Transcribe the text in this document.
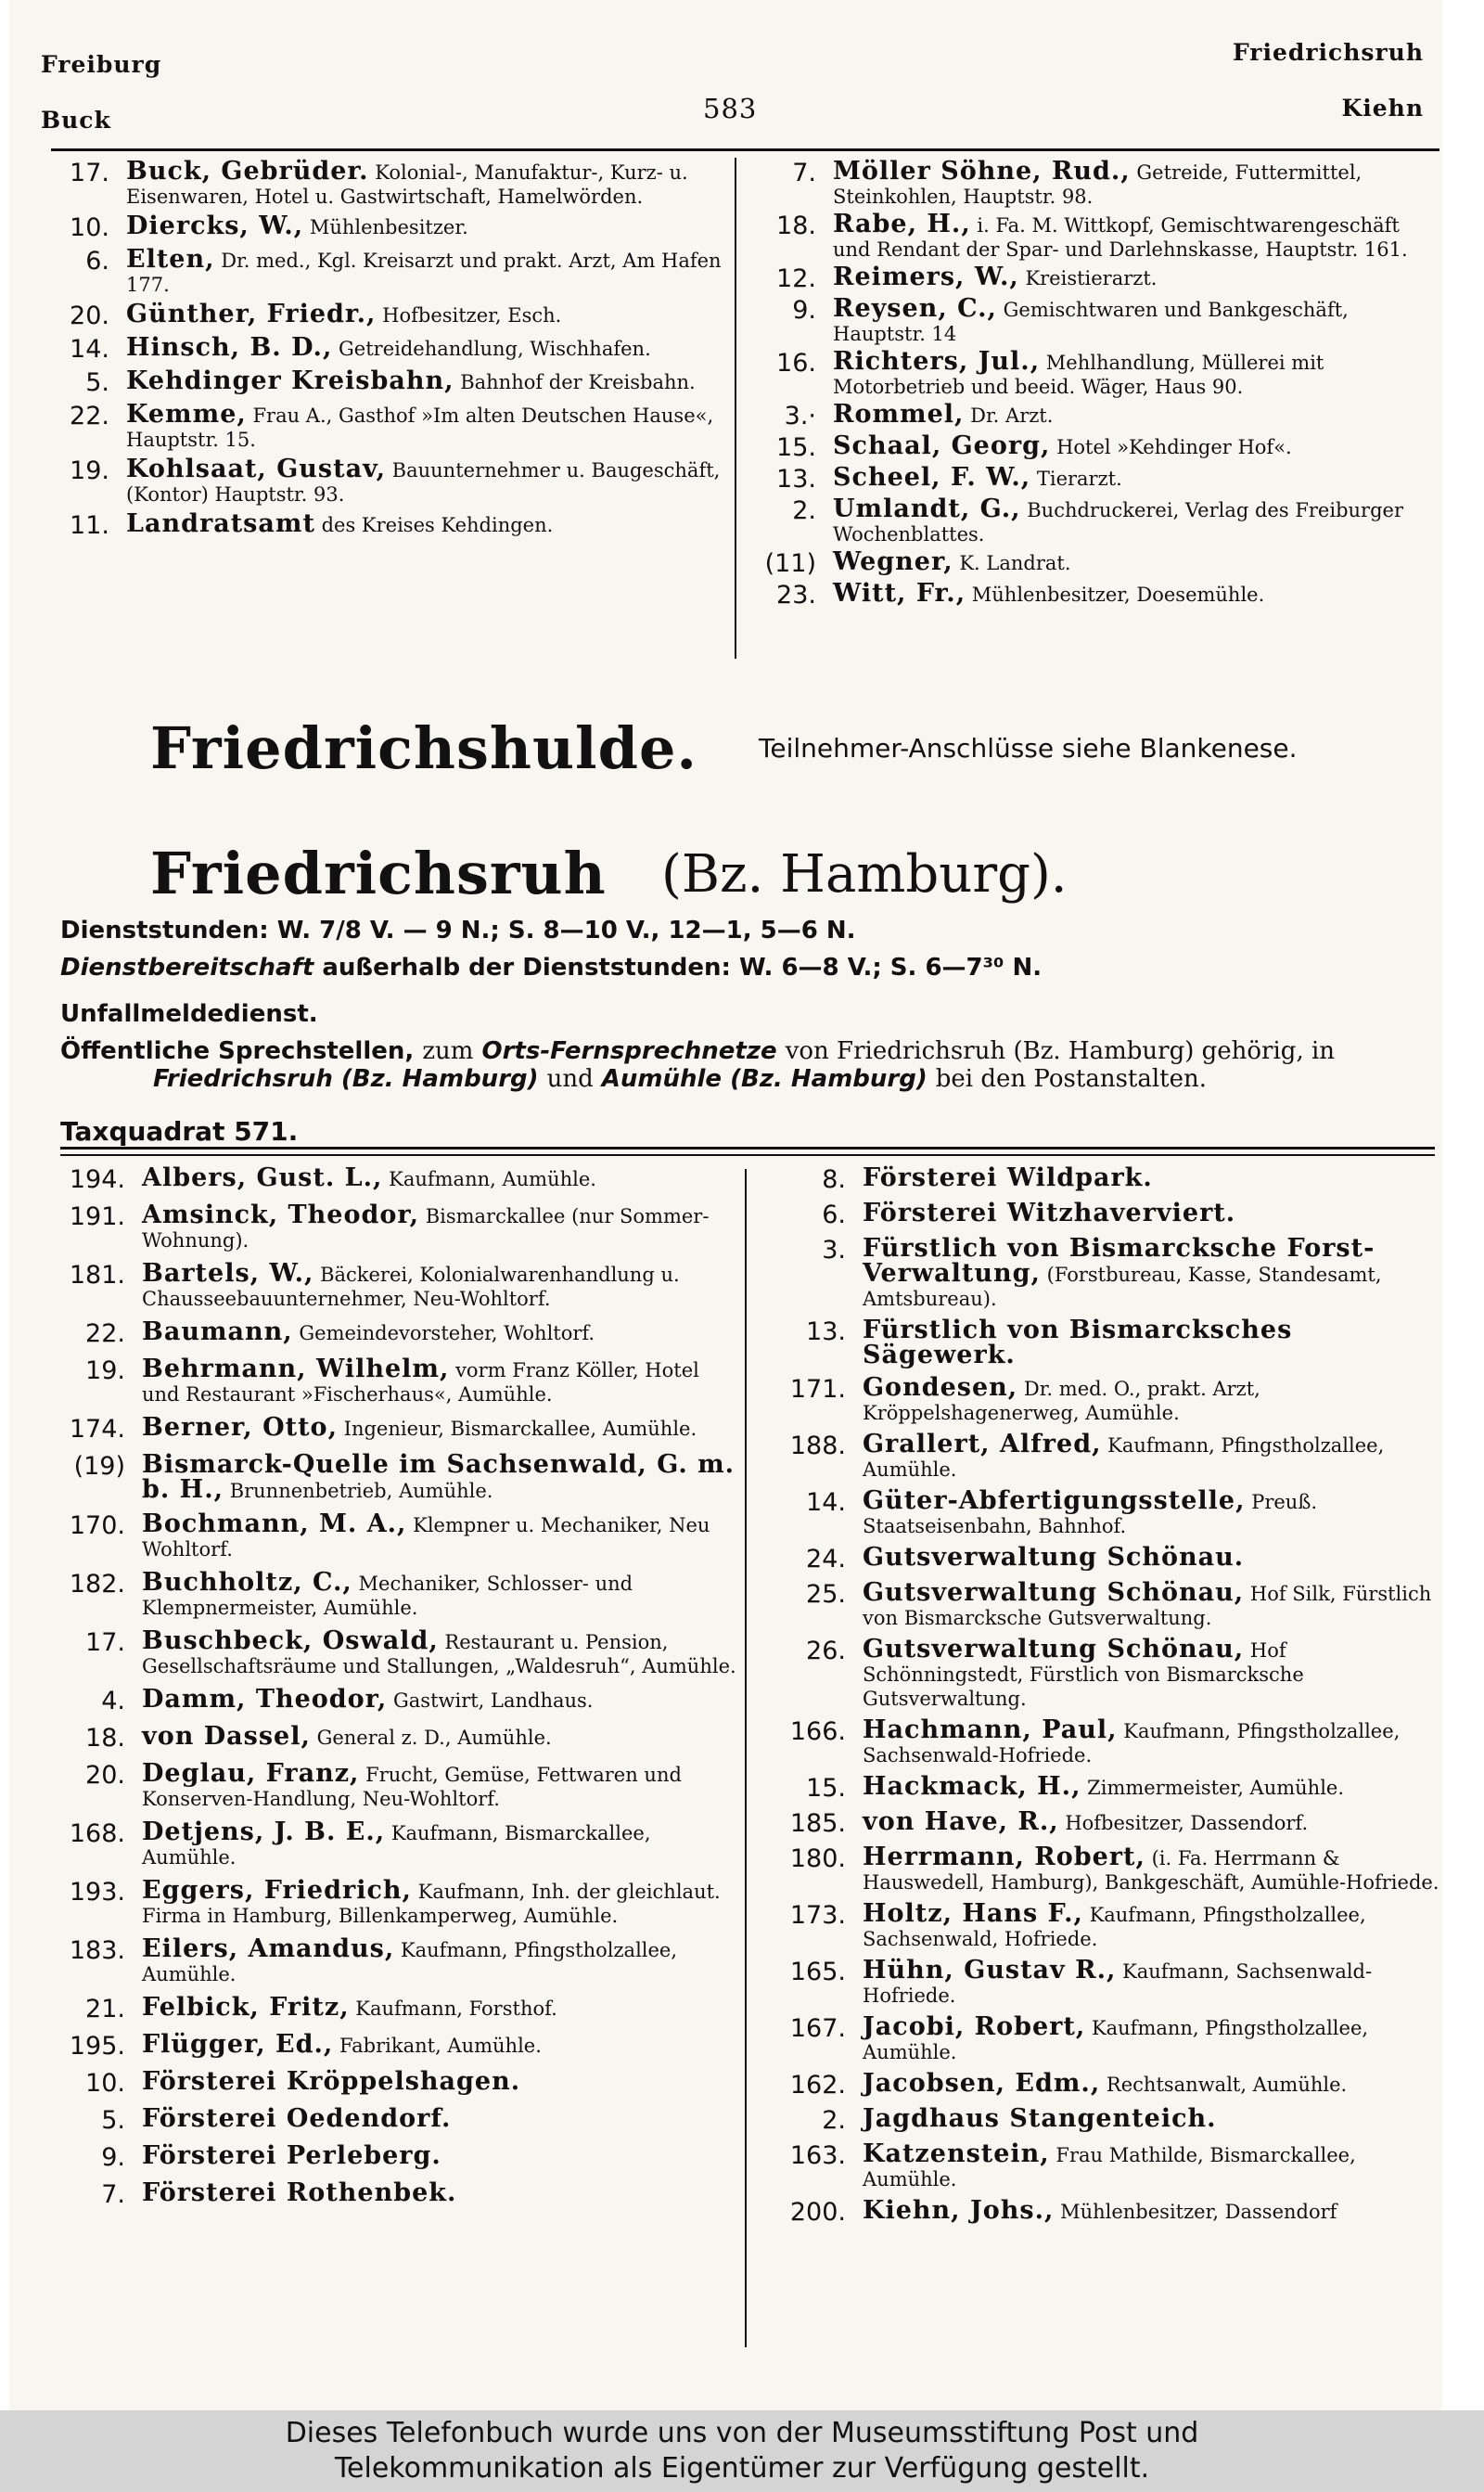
Freiburg
Buck	583
Friedrichsruh
Kiehn
17. Buck, Gebrüder. Kolonial-, Manufaktur-, Kurz- u. Eisenwaren, Hotel u. Gastwirtschaft, Hamelwörden.
10. Diercks, W., Mühlenbesitzer.
6. Elten, Dr. med., Kgl. Kreisarzt und prakt. Arzt, Am Hafen 177.
20. Günther, Friedr., Hofbesitzer, Esch.
14. Hinsch, B. D., Getreidehandlung, Wischhafen.
5. Kehdinger Kreisbahn, Bahnhof der Kreisbahn.
22. Kemme, Frau A., Gasthof »Im alten Deutschen Hause«, Hauptstr. 15.
19. Kohlsaat, Gustav, Bauunternehmer u. Baugeschäft, (Kontor) Hauptstr. 93.
11. Landratsamt des Kreises Kehdingen.
7. Möller Söhne, Rud., Getreide, Futtermittel, Steinkohlen, Hauptstr. 98.
18. Rabe, H., i. Fa. M. Wittkopf, Gemischtwarengeschäft und Rendant der Spar- und Darlehnskasse, Hauptstr. 161.
12. Reimers, W., Kreistierarzt.
9. Reysen, C., Gemischtwaren und Bankgeschäft, Hauptstr. 14
16. Richters, Jul., Mehlhandlung, Müllerei mit Motorbetrieb und beeid. Wäger, Haus 90.
3.· Rommel, Dr. Arzt.
15. Schaal, Georg, Hotel »Kehdinger Hof«.
13. Scheel, F. W., Tierarzt.
2. Umlandt, G., Buchdruckerei, Verlag des Freiburger Wochenblattes.
(11) Wegner, K. Landrat.
23. Witt, Fr., Mühlenbesitzer, Doesemühle.
Friedrichshulde. Teilnehmer-Anschlüsse siehe Blankenese.
Friedrichsruh (Bz. Hamburg).
Dienststunden: W. 7/8 V. — 9 N.; S. 8—10 V., 12—1, 5—6 N.
Dienstbereitschaft außerhalb der Dienststunden: W. 6—8 V.; S. 6—7³⁰ N.
Unfallmeldedienst.
Öffentliche Sprechstellen, zum Orts-Fernsprechnetze von Friedrichsruh (Bz. Hamburg) gehörig, in
Friedrichsruh (Bz. Hamburg) und Aumühle (Bz. Hamburg) bei den Postanstalten.
Taxquadrat 571.
194. Albers, Gust. L., Kaufmann, Aumühle.
191. Amsinck, Theodor, Bismarckallee (nur Sommer-Wohnung).
181. Bartels, W., Bäckerei, Kolonialwarenhandlung u. Chausseebauunternehmer, Neu-Wohltorf.
22. Baumann, Gemeindevorsteher, Wohltorf.
19. Behrmann, Wilhelm, vorm Franz Köller, Hotel und Restaurant »Fischerhaus«, Aumühle.
174. Berner, Otto, Ingenieur, Bismarckallee, Aumühle.
(19) Bismarck-Quelle im Sachsenwald, G. m. b. H., Brunnenbetrieb, Aumühle.
170. Bochmann, M. A., Klempner u. Mechaniker, Neu Wohltorf.
182. Buchholtz, C., Mechaniker, Schlosser- und Klempnermeister, Aumühle.
17. Buschbeck, Oswald, Restaurant u. Pension, Gesellschaftsräume und Stallungen, „Waldesruh“, Aumühle.
4. Damm, Theodor, Gastwirt, Landhaus.
18. von Dassel, General z. D., Aumühle.
20. Deglau, Franz, Frucht, Gemüse, Fettwaren und Konserven-Handlung, Neu-Wohltorf.
168. Detjens, J. B. E., Kaufmann, Bismarckallee, Aumühle.
193. Eggers, Friedrich, Kaufmann, Inh. der gleichlaut. Firma in Hamburg, Billenkamperweg, Aumühle.
183. Eilers, Amandus, Kaufmann, Pfingstholzallee, Aumühle.
21. Felbick, Fritz, Kaufmann, Forsthof.
195. Flügger, Ed., Fabrikant, Aumühle.
10. Försterei Kröppelshagen.
5. Försterei Oedendorf.
9. Försterei Perleberg.
7. Försterei Rothenbek.
8. Försterei Wildpark.
6. Försterei Witzhaverviert.
3. Fürstlich von Bismarcksche Forst-Verwaltung, (Forstbureau, Kasse, Standesamt, Amtsbureau).
13. Fürstlich von Bismarcksches Sägewerk.
171. Gondesen, Dr. med. O., prakt. Arzt, Kröppelshagenerweg, Aumühle.
188. Grallert, Alfred, Kaufmann, Pfingstholzallee, Aumühle.
14. Güter-Abfertigungsstelle, Preuß. Staatseisenbahn, Bahnhof.
24. Gutsverwaltung Schönau.
25. Gutsverwaltung Schönau, Hof Silk, Fürstlich von Bismarcksche Gutsverwaltung.
26. Gutsverwaltung Schönau, Hof Schönningstedt, Fürstlich von Bismarcksche Gutsverwaltung.
166. Hachmann, Paul, Kaufmann, Pfingstholzallee, Sachsenwald-Hofriede.
15. Hackmack, H., Zimmermeister, Aumühle.
185. von Have, R., Hofbesitzer, Dassendorf.
180. Herrmann, Robert, (i. Fa. Herrmann & Hauswedell, Hamburg), Bankgeschäft, Aumühle-Hofriede.
173. Holtz, Hans F., Kaufmann, Pfingstholzallee, Sachsenwald, Hofriede.
165. Hühn, Gustav R., Kaufmann, Sachsenwald-Hofriede.
167. Jacobi, Robert, Kaufmann, Pfingstholzallee, Aumühle.
162. Jacobsen, Edm., Rechtsanwalt, Aumühle.
2. Jagdhaus Stangenteich.
163. Katzenstein, Frau Mathilde, Bismarckallee, Aumühle.
200. Kiehn, Johs., Mühlenbesitzer, Dassendorf
Dieses Telefonbuch wurde uns von der Museumsstiftung Post und
Telekommunikation als Eigentümer zur Verfügung gestellt.
